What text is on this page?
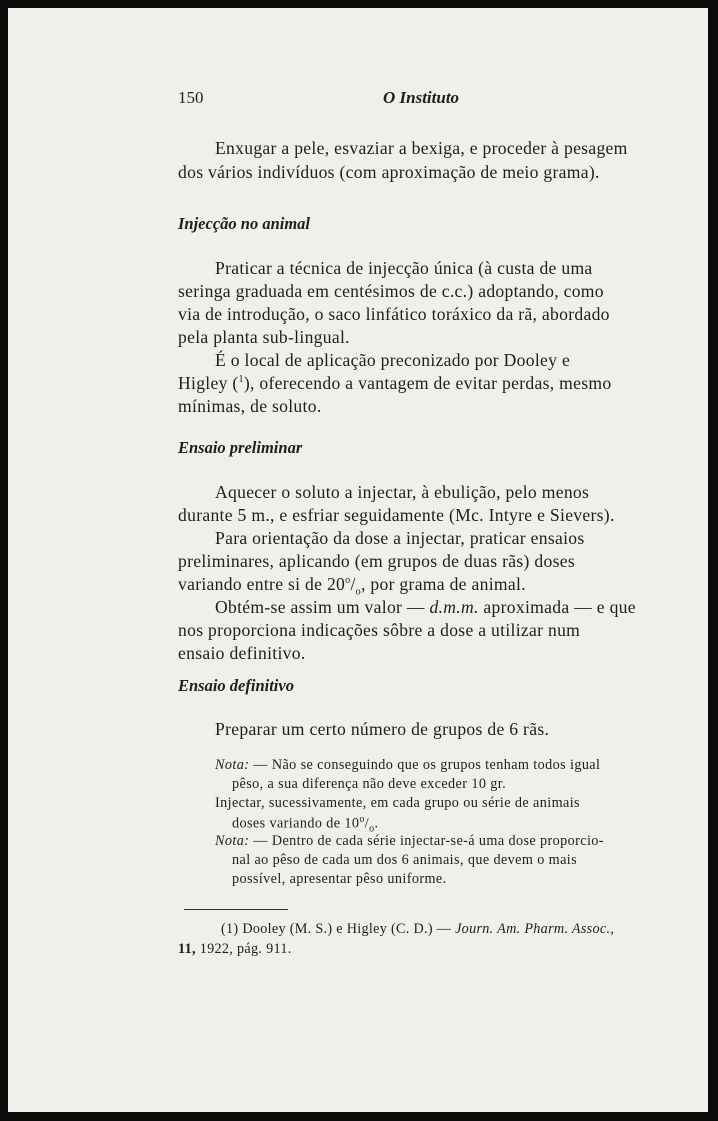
150	O Instituto
Enxugar a pele, esvaziar a bexiga, e proceder à pesagem
dos vários indivíduos (com aproximação de meio grama).
Injecção no animal
Praticar a técnica de injecção única (à custa de uma
seringa graduada em centésimos de c.c.) adoptando, como
via de introdução, o saco linfático toráxico da rã, abordado
pela planta sub-lingual.
É o local de aplicação preconizado por Dooley e
Higley ($^1$), oferecendo a vantagem de evitar perdas, mesmo
mínimas, de soluto.
Ensaio preliminar
Aquecer o soluto a injectar, à ebulição, pelo menos
durante 5 m., e esfriar seguidamente (Mc. Intyre e Sievers).
Para orientação da dose a injectar, praticar ensaios
preliminares, aplicando (em grupos de duas rãs) doses
variando entre si de $20^o/_o$, por grama de animal.
Obtém-se assim um valor — d.m.m. aproximada — e que
nos proporciona indicações sôbre a dose a utilizar num
ensaio definitivo.
Ensaio definitivo
Preparar um certo número de grupos de 6 rãs.
Nota: — Não se conseguindo que os grupos tenham todos igual
pêso, a sua diferença não deve exceder 10 gr.
Injectar, sucessivamente, em cada grupo ou série de animais
doses variando de $10^o/_o$.
Nota: — Dentro de cada série injectar-se-á uma dose proporcio-
nal ao pêso de cada um dos 6 animais, que devem o mais
possível, apresentar pêso uniforme.
(1) Dooley (M. S.) e Higley (C. D.) — Journ. Am. Pharm. Assoc.,
11, 1922, pág. 911.
